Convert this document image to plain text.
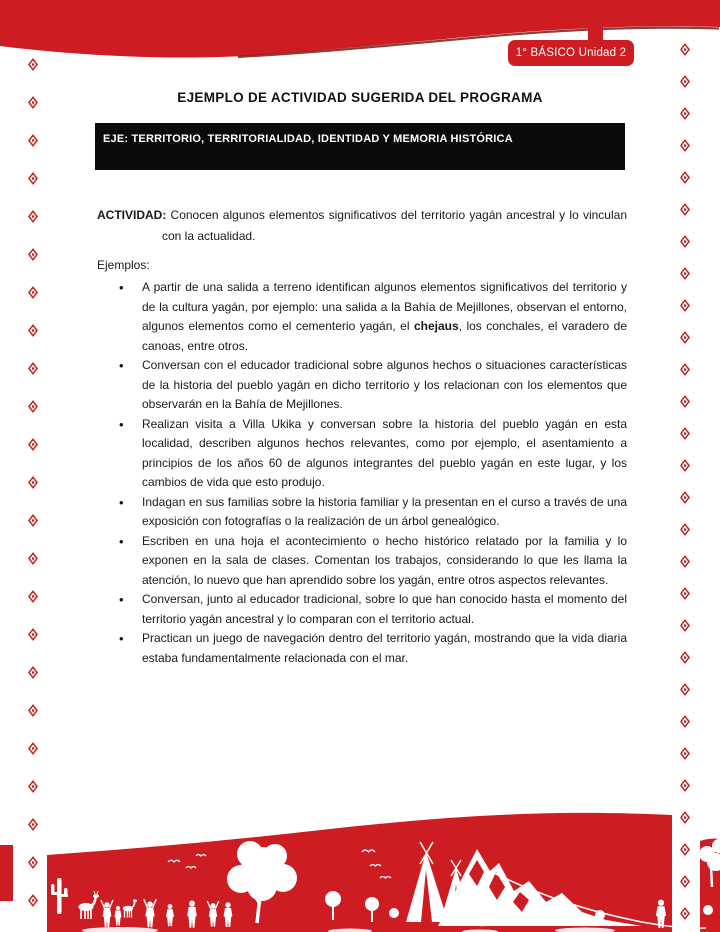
1° BÁSICO Unidad 2
EJEMPLO DE ACTIVIDAD SUGERIDA DEL PROGRAMA
EJE: TERRITORIO, TERRITORIALIDAD, IDENTIDAD Y MEMORIA HISTÓRICA

ACTIVIDAD: Conocen algunos elementos significativos del territorio yagán ancestral y lo vinculan con la actualidad.

Ejemplos:

• A partir de una salida a terreno identifican algunos elementos significativos del territorio y de la cultura yagán, por ejemplo: una salida a la Bahía de Mejillones, observan el entorno, algunos elementos como el cementerio yagán, el chejaus, los conchales, el varadero de canoas, entre otros.
• Conversan con el educador tradicional sobre algunos hechos o situaciones características de la historia del pueblo yagán en dicho territorio y los relacionan con los elementos que observarán en la Bahía de Mejillones.
• Realizan visita a Villa Ukika y conversan sobre la historia del pueblo yagán en esta localidad, describen algunos hechos relevantes, como por ejemplo, el asentamiento a principios de los años 60 de algunos integrantes del pueblo yagán en este lugar, y los cambios de vida que esto produjo.
• Indagan en sus familias sobre la historia familiar y la presentan en el curso a través de una exposición con fotografías o la realización de un árbol genealógico.
• Escriben en una hoja el acontecimiento o hecho histórico relatado por la familia y lo exponen en la sala de clases. Comentan los trabajos, considerando lo que les llama la atención, lo nuevo que han aprendido sobre los yagán, entre otros aspectos relevantes.
• Conversan, junto al educador tradicional, sobre lo que han conocido hasta el momento del territorio yagán ancestral y lo comparan con el territorio actual.
• Practican un juego de navegación dentro del territorio yagán, mostrando que la vida diaria estaba fundamentalmente relacionada con el mar.
